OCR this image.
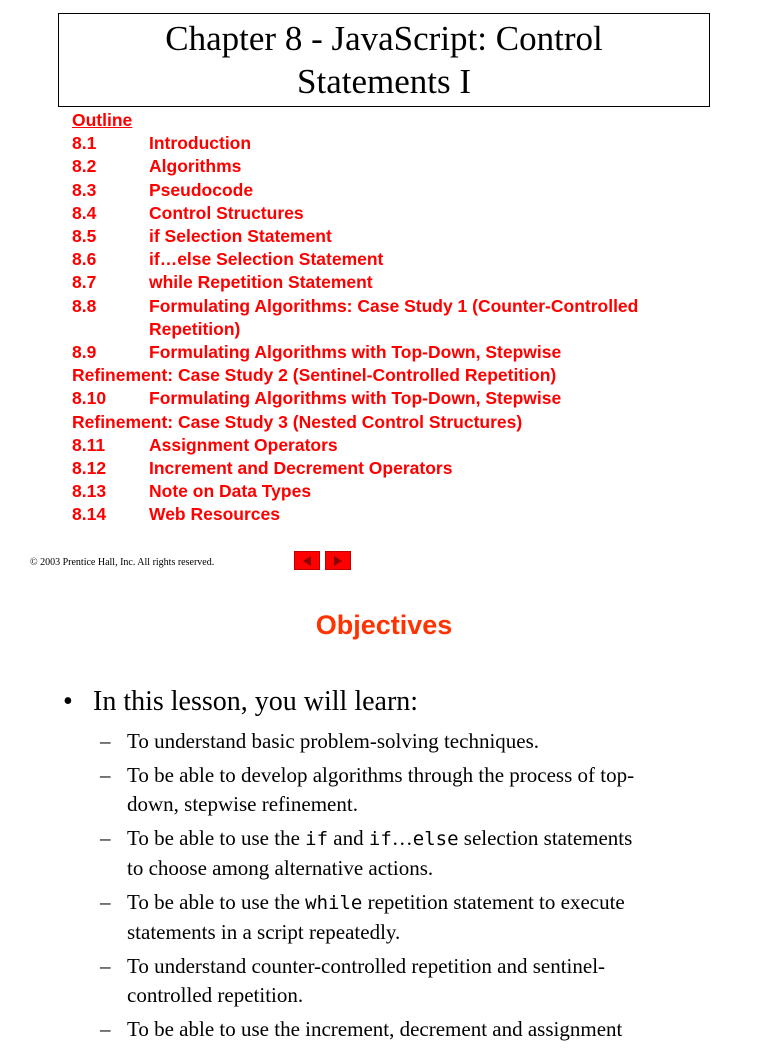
Chapter 8 - JavaScript: Control
Statements I
Outline
8.1	Introduction
8.2	Algorithms
8.3	Pseudocode
8.4	Control Structures
8.5	if Selection Statement
8.6	if…else Selection Statement
8.7	while Repetition Statement
8.8	Formulating Algorithms: Case Study 1 (Counter-Controlled
Repetition)
8.9	Formulating Algorithms with Top-Down, Stepwise
Refinement: Case Study 2 (Sentinel-Controlled Repetition)
8.10	Formulating Algorithms with Top-Down, Stepwise
Refinement: Case Study 3 (Nested Control Structures)
8.11	Assignment Operators
8.12	Increment and Decrement Operators
8.13	Note on Data Types
8.14	Web Resources
© 2003 Prentice Hall, Inc. All rights reserved.
Objectives
• In this lesson, you will learn:
– To understand basic problem-solving techniques.
– To be able to develop algorithms through the process of top-
down, stepwise refinement.
– To be able to use the if and if…else selection statements
to choose among alternative actions.
– To be able to use the while repetition statement to execute
statements in a script repeatedly.
– To understand counter-controlled repetition and sentinel-
controlled repetition.
– To be able to use the increment, decrement and assignment
